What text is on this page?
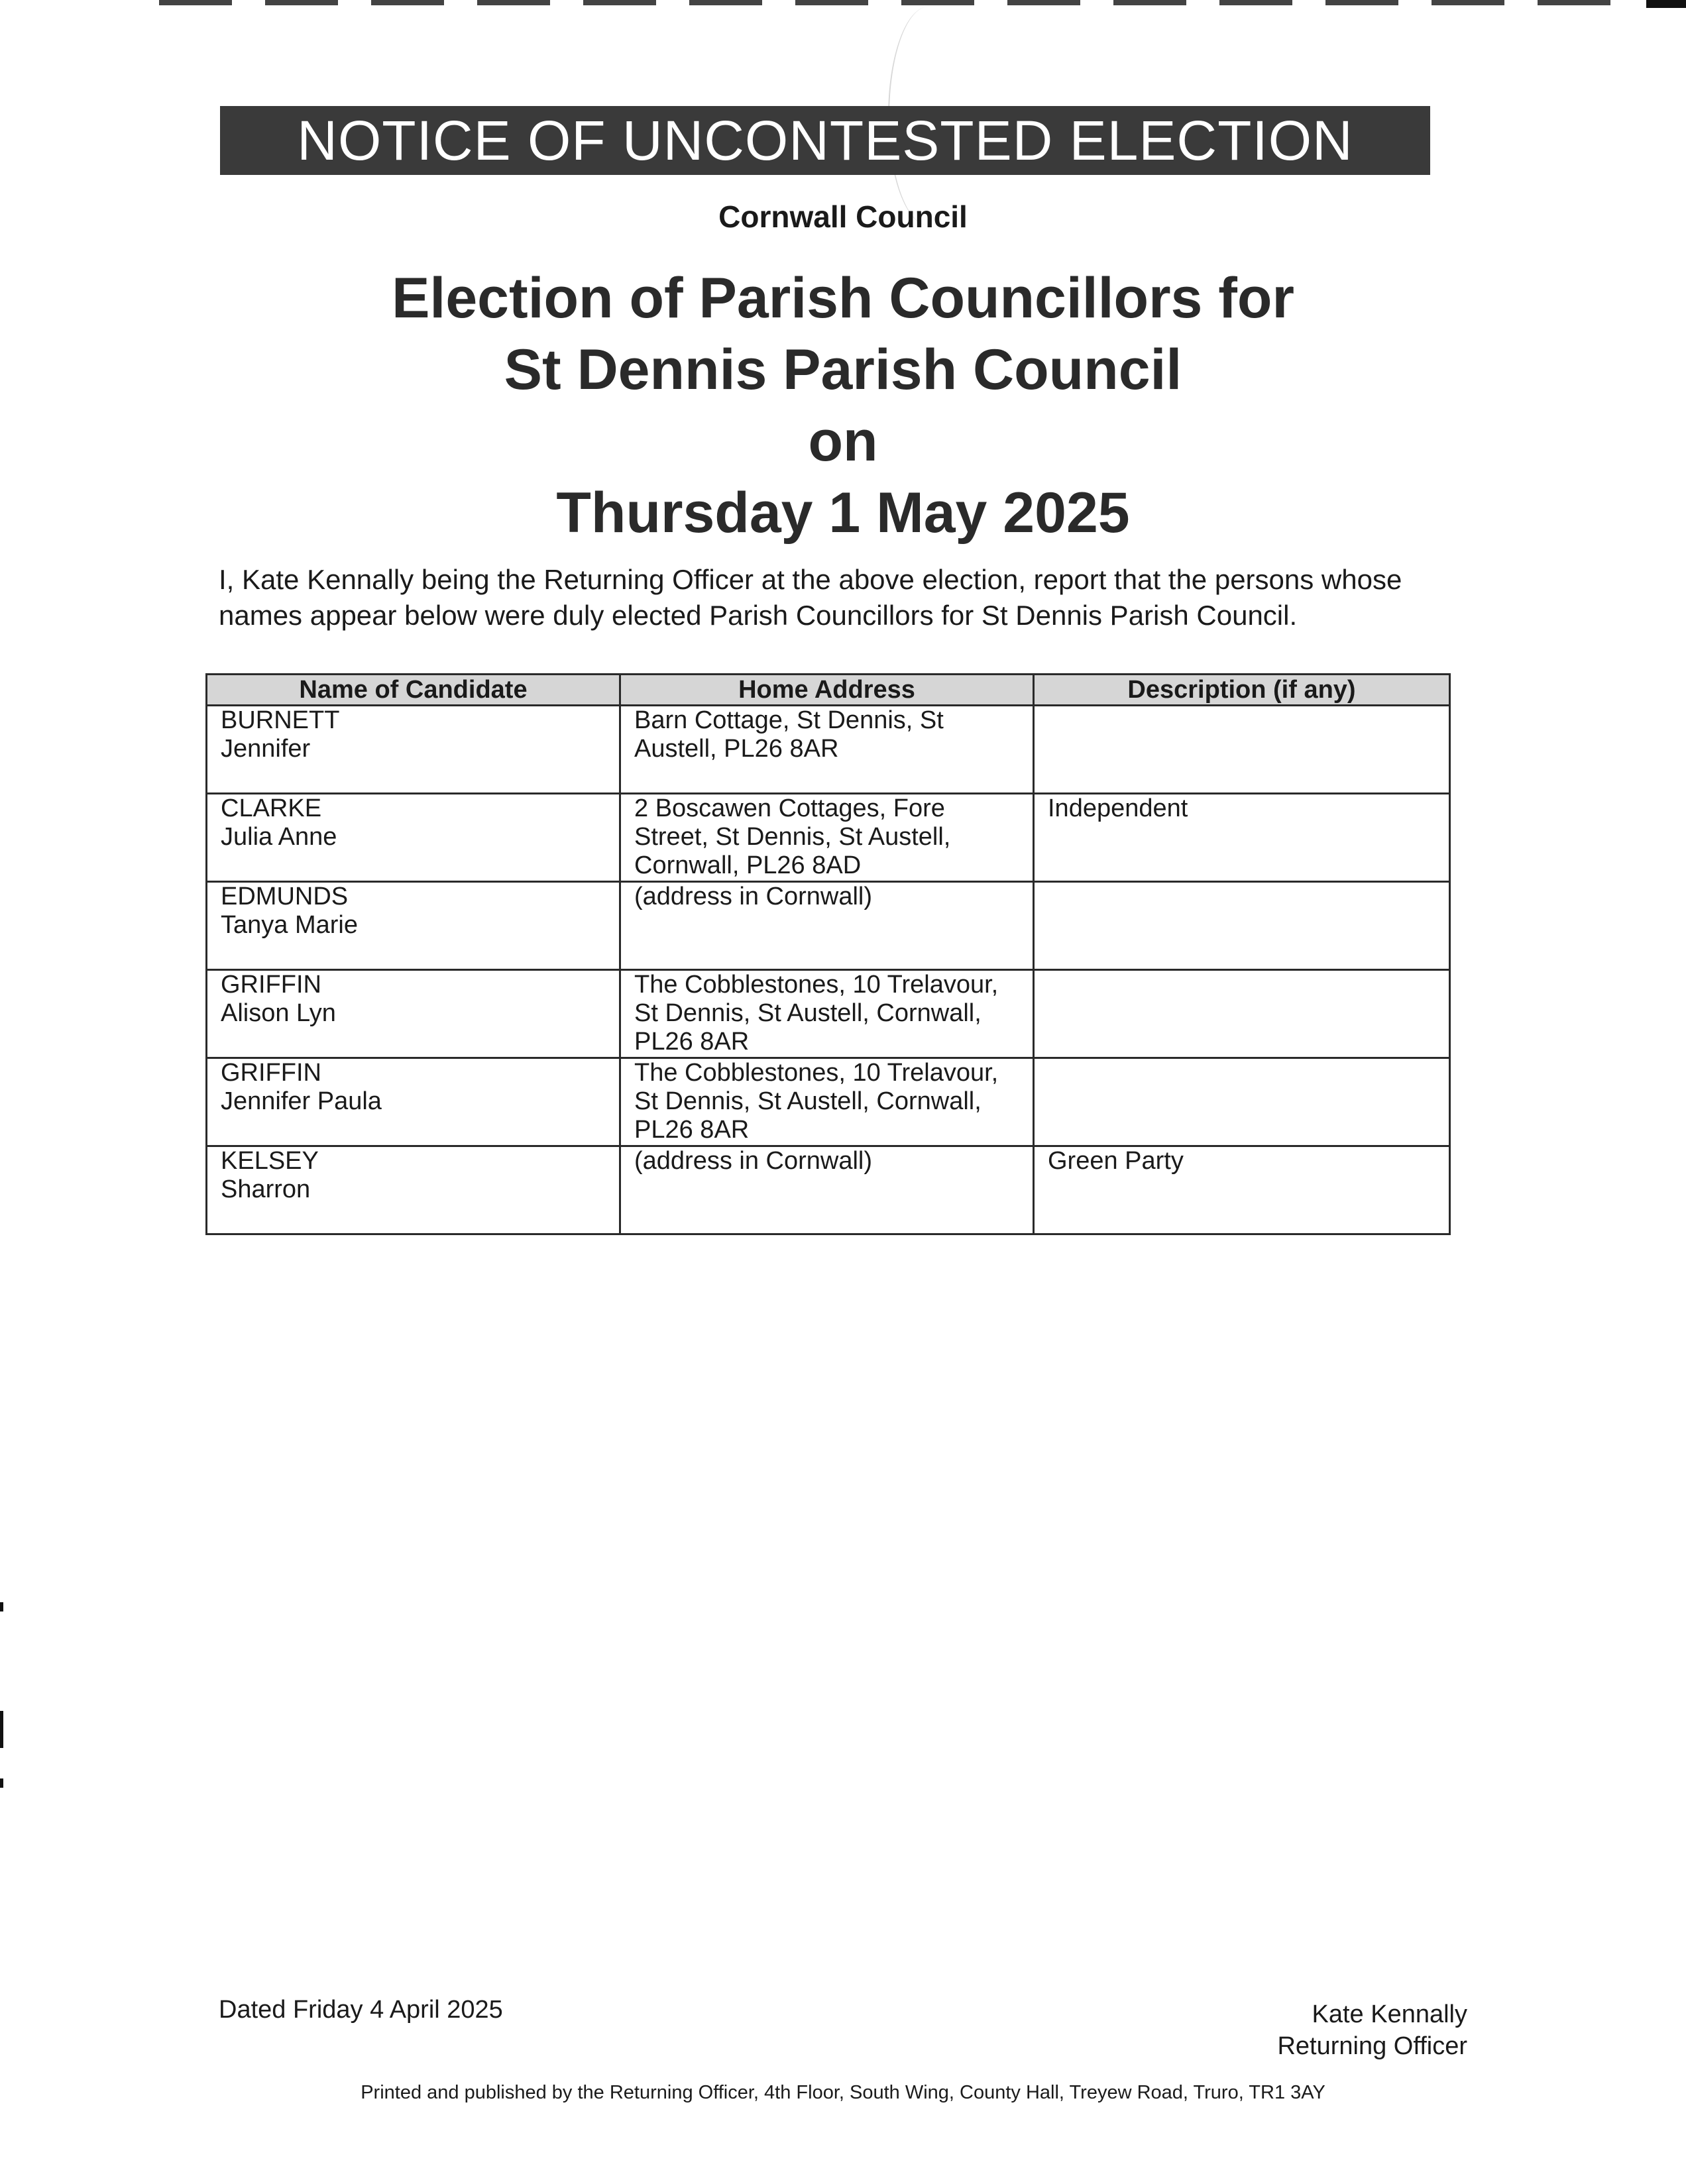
NOTICE OF UNCONTESTED ELECTION
Cornwall Council
Election of Parish Councillors for
St Dennis Parish Council
on
Thursday 1 May 2025
I, Kate Kennally being the Returning Officer at the above election, report that the persons whose names appear below were duly elected Parish Councillors for St Dennis Parish Council.
Name of Candidate	Home Address	Description (if any)

BURNETT
Jennifer	Barn Cottage, St Dennis, St Austell, PL26 8AR	

CLARKE
Julia Anne	2 Boscawen Cottages, Fore Street, St Dennis, St Austell, Cornwall, PL26 8AD	Independent

EDMUNDS
Tanya Marie	(address in Cornwall)	

GRIFFIN
Alison Lyn	The Cobblestones, 10 Trelavour, St Dennis, St Austell, Cornwall, PL26 8AR	

GRIFFIN
Jennifer Paula	The Cobblestones, 10 Trelavour, St Dennis, St Austell, Cornwall, PL26 8AR	

KELSEY
Sharron	(address in Cornwall)	Green Party
Dated Friday 4 April 2025	Kate Kennally
Returning Officer
Printed and published by the Returning Officer, 4th Floor, South Wing, County Hall, Treyew Road, Truro, TR1 3AY
